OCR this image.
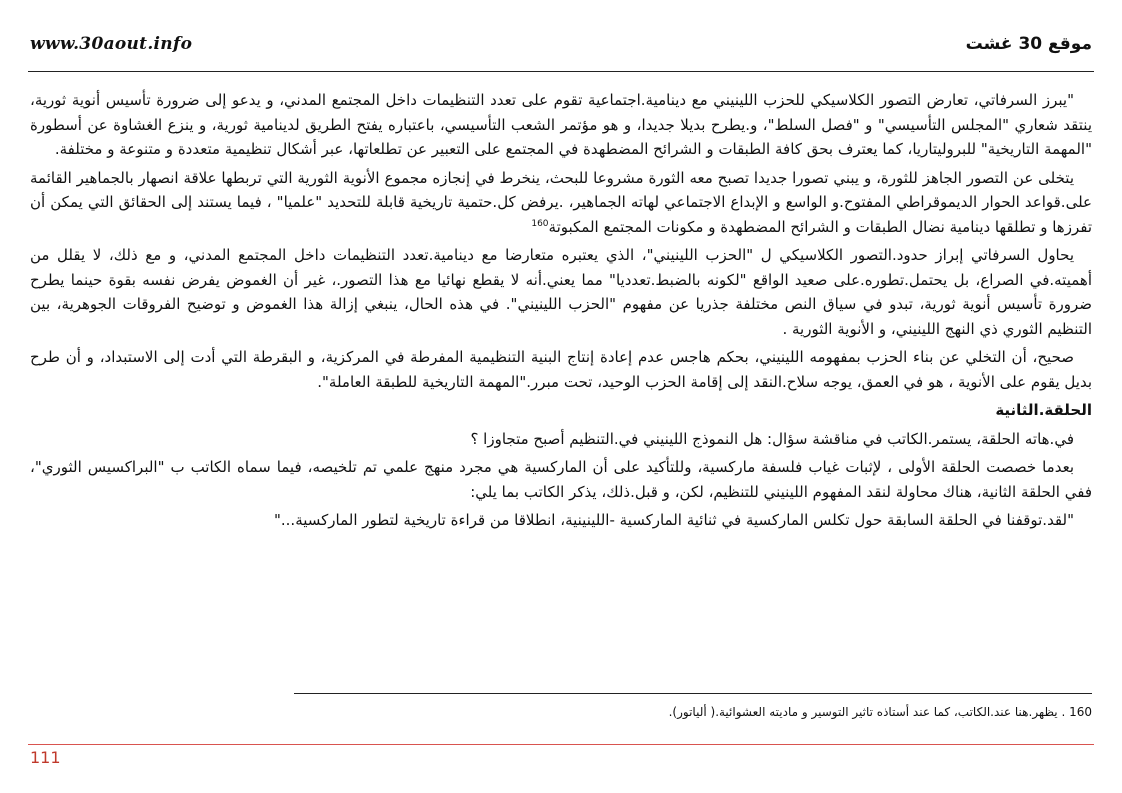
www.30aout.info	موقع 30 غشت

"يبرز السرفاتي، تعارض التصور الكلاسيكي للحزب اللينيني مع دينامية.اجتماعية تقوم على تعدد التنظيمات داخل المجتمع المدني، و يدعو إلى ضرورة تأسيس أنوية ثورية، ينتقد شعاري "المجلس التأسيسي" و "فصل السلط"، و.يطرح بديلا جديدا، و هو مؤتمر الشعب التأسيسي، باعتباره يفتح الطريق لدينامية ثورية، و ينزع الغشاوة عن أسطورة "المهمة التاريخية" للبروليتاريا، كما يعترف بحق كافة الطبقات و الشرائح المضطهدة في المجتمع على التعبير عن تطلعاتها، عبر أشكال تنظيمية متعددة و متنوعة و مختلفة.

يتخلى عن التصور الجاهز للثورة، و يبني تصورا جديدا تصبح معه الثورة مشروعا للبحث، ينخرط في إنجازه مجموع الأنوية الثورية التي تربطها علاقة انصهار بالجماهير القائمة على.قواعد الحوار الديموقراطي المفتوح.و الواسع و الإبداع الاجتماعي لهاته الجماهير، .يرفض كل.حتمية تاريخية قابلة للتحديد "علميا" ، فيما يستند إلى الحقائق التي يمكن أن تفرزها و تطلقها دينامية نضال الطبقات و الشرائح المضطهدة و مكونات المجتمع المكبوتة$^{160}$

يحاول السرفاتي إبراز حدود.التصور الكلاسيكي ل "الحزب اللينيني"، الذي يعتبره متعارضا مع دينامية.تعدد التنظيمات داخل المجتمع المدني، و مع ذلك، لا يقلل من أهميته.في الصراع، بل يحتمل.تطوره.على صعيد الواقع "لكونه بالضبط.تعدديا" مما يعني.أنه لا يقطع نهائيا مع هذا التصور.، غير أن الغموض يفرض نفسه بقوة حينما يطرح ضرورة تأسيس أنوية ثورية، تبدو في سياق النص مختلفة جذريا عن مفهوم "الحزب اللينيني". في هذه الحال، ينبغي إزالة هذا الغموض و توضيح الفروقات الجوهرية، بين التنظيم الثوري ذي النهج اللينيني، و الأنوية الثورية .

صحيح، أن التخلي عن بناء الحزب بمفهومه اللينيني، بحكم هاجس عدم إعادة إنتاج البنية التنظيمية المفرطة في المركزية، و البقرطة التي أدت إلى الاستبداد، و أن طرح بديل يقوم على الأنوية ، هو في العمق، يوجه سلاح.النقد إلى إقامة الحزب الوحيد، تحت مبرر."المهمة التاريخية للطبقة العاملة".

الحلقة.الثانية

في.هاته الحلقة، يستمر.الكاتب في مناقشة سؤال: هل النموذج اللينيني في.التنظيم أصبح متجاوزا ؟

بعدما خصصت الحلقة الأولى ، لإثبات غياب فلسفة ماركسية، وللتأكيد على أن الماركسية هي مجرد منهج علمي تم تلخيصه، فيما سماه الكاتب ب "البراكسيس الثوري"، ففي الحلقة الثانية، هناك محاولة لنقد المفهوم اللينيني للتنظيم، لكن، و قبل.ذلك، يذكر الكاتب بما يلي:

"لقد.توقفنا في الحلقة السابقة حول تكلس الماركسية في ثنائية الماركسية -اللينينية، انطلاقا من قراءة تاريخية لتطور الماركسية..."

160 . يظهر.هنا عند.الكاتب، كما عند أستاذه تاثير التوسير و ماديته العشوائية.( ألياتور).
111
